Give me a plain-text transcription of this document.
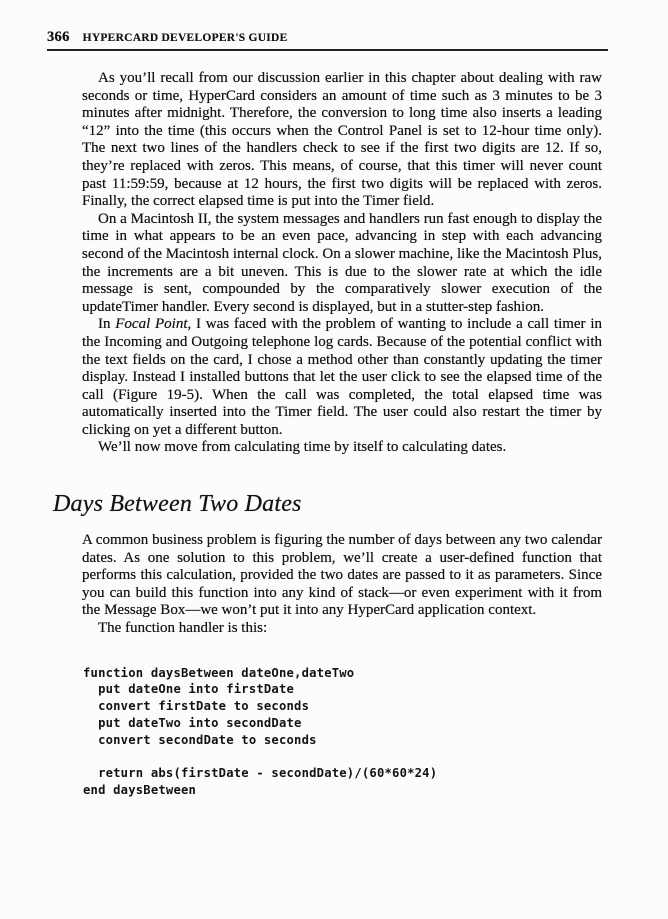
366 HYPERCARD DEVELOPER'S GUIDE

As you’ll recall from our discussion earlier in this chapter about dealing with raw seconds or time, HyperCard considers an amount of time such as 3 minutes to be 3 minutes after midnight. Therefore, the conversion to long time also inserts a leading “12” into the time (this occurs when the Control Panel is set to 12-hour time only). The next two lines of the handlers check to see if the first two digits are 12. If so, they’re replaced with zeros. This means, of course, that this timer will never count past 11:59:59, because at 12 hours, the first two digits will be replaced with zeros. Finally, the correct elapsed time is put into the Timer field.

On a Macintosh II, the system messages and handlers run fast enough to display the time in what appears to be an even pace, advancing in step with each advancing second of the Macintosh internal clock. On a slower machine, like the Macintosh Plus, the increments are a bit uneven. This is due to the slower rate at which the idle message is sent, compounded by the comparatively slower execution of the updateTimer handler. Every second is displayed, but in a stutter-step fashion.

In Focal Point, I was faced with the problem of wanting to include a call timer in the Incoming and Outgoing telephone log cards. Because of the potential conflict with the text fields on the card, I chose a method other than constantly updating the timer display. Instead I installed buttons that let the user click to see the elapsed time of the call (Figure 19-5). When the call was completed, the total elapsed time was automatically inserted into the Timer field. The user could also restart the timer by clicking on yet a different button.

We’ll now move from calculating time by itself to calculating dates.

Days Between Two Dates

A common business problem is figuring the number of days between any two calendar dates. As one solution to this problem, we’ll create a user-defined function that performs this calculation, provided the two dates are passed to it as parameters. Since you can build this function into any kind of stack—or even experiment with it from the Message Box—we won’t put it into any HyperCard application context.

The function handler is this:

function daysBetween dateOne,dateTwo
put dateOne into firstDate
convert firstDate to seconds
put dateTwo into secondDate
convert secondDate to seconds

return abs(firstDate - secondDate)/(60*60*24)
end daysBetween
